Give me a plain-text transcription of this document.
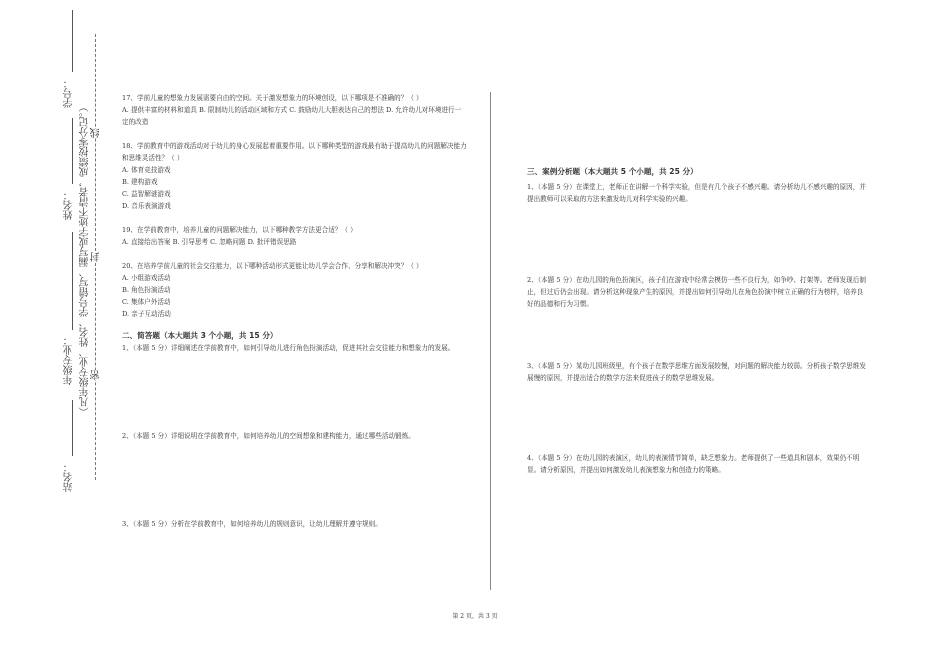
学号：
姓名：
年级专业：
站名：
（凡年级专业、姓名、学号错写、漏写或字迹不清者，成绩按零分记。） 线
封
密

17、学前儿童的想象力发展需要自由的空间。关于激发想象力的环境创设，以下哪项是不准确的？（ ）

A. 提供丰富的材料和道具 B. 限制幼儿的活动区域和方式 C. 鼓励幼儿大胆表达自己的想法 D. 允许幼儿对环境进行一定的改造

18、学前教育中的游戏活动对于幼儿的身心发展起着重要作用。以下哪种类型的游戏最有助于提高幼儿的问题解决能力和思维灵活性？（ ）

A. 体育竞技游戏

B. 建构游戏

C. 益智解谜游戏

D. 音乐表演游戏

19、在学前教育中，培养儿童的问题解决能力，以下哪种教学方法更合适？（ ）

A. 直接给出答案 B. 引导思考 C. 忽略问题 D. 批评错误思路

20、在培养学前儿童的社会交往能力，以下哪种活动形式更能让幼儿学会合作、分享和解决冲突？（ ）

A. 小组游戏活动

B. 角色扮演活动

C. 集体户外活动

D. 亲子互动活动

二、简答题（本大题共 3 个小题，共 15 分）

1、（本题 5 分）详细阐述在学前教育中，如何引导幼儿进行角色扮演活动，促进其社会交往能力和想象力的发展。

2、（本题 5 分）详细说明在学前教育中，如何培养幼儿的空间想象和建构能力，通过哪些活动锻炼。

3、（本题 5 分）分析在学前教育中，如何培养幼儿的规则意识，让幼儿理解并遵守规则。

三、案例分析题（本大题共 5 个小题，共 25 分）

1、（本题 5 分）在课堂上，老师正在讲解一个科学实验，但是有几个孩子不感兴趣。请分析幼儿不感兴趣的原因，并提出教师可以采取的方法来激发幼儿对科学实验的兴趣。

2、（本题 5 分）在幼儿园的角色扮演区，孩子们在游戏中经常会模仿一些不良行为，如争吵、打架等。老师发现后制止，但过后仍会出现。请分析这种现象产生的原因，并提出如何引导幼儿在角色扮演中树立正确的行为榜样，培养良好的品德和行为习惯。

3、（本题 5 分）某幼儿园班级里，有个孩子在数学思维方面发展较慢，对问题的解决能力较弱。分析孩子数学思维发展慢的原因，并提出适合的数学方法来促进孩子的数学思维发展。

4、（本题 5 分）在幼儿园的表演区，幼儿的表演情节简单，缺乏想象力。老师提供了一些道具和剧本，效果仍不明显。请分析原因，并提出如何激发幼儿表演想象力和创造力的策略。

第 2 页，共 3 页
